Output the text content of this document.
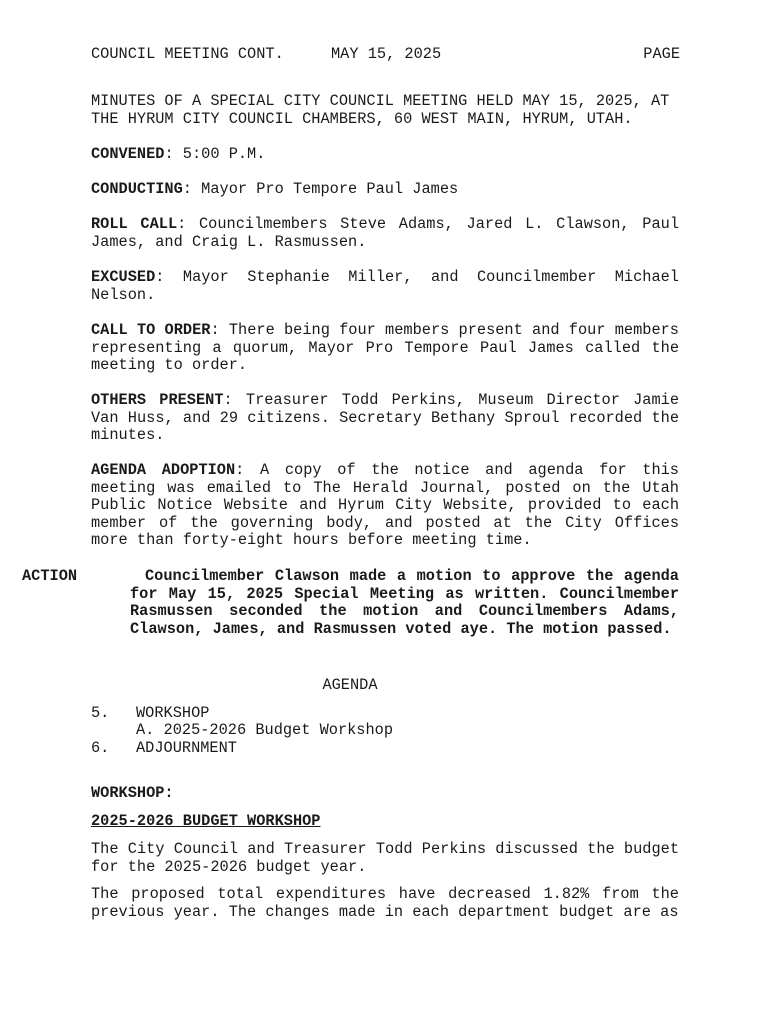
COUNCIL MEETING CONT.	MAY 15, 2025	PAGE
MINUTES OF A SPECIAL CITY COUNCIL MEETING HELD MAY 15, 2025, AT THE HYRUM CITY COUNCIL CHAMBERS, 60 WEST MAIN, HYRUM, UTAH.
CONVENED: 5:00 P.M.
CONDUCTING: Mayor Pro Tempore Paul James
ROLL CALL: Councilmembers Steve Adams, Jared L. Clawson, Paul James, and Craig L. Rasmussen.
EXCUSED: Mayor Stephanie Miller, and Councilmember Michael Nelson.
CALL TO ORDER: There being four members present and four members representing a quorum, Mayor Pro Tempore Paul James called the meeting to order.
OTHERS PRESENT: Treasurer Todd Perkins, Museum Director Jamie Van Huss, and 29 citizens. Secretary Bethany Sproul recorded the minutes.
AGENDA ADOPTION: A copy of the notice and agenda for this meeting was emailed to The Herald Journal, posted on the Utah Public Notice Website and Hyrum City Website, provided to each member of the governing body, and posted at the City Offices more than forty-eight hours before meeting time.
ACTION	Councilmember Clawson made a motion to approve the agenda for May 15, 2025 Special Meeting as written. Councilmember Rasmussen seconded the motion and Councilmembers Adams, Clawson, James, and Rasmussen voted aye. The motion passed.
AGENDA
5. WORKSHOP
A. 2025-2026 Budget Workshop
6. ADJOURNMENT
WORKSHOP:
2025-2026 BUDGET WORKSHOP
The City Council and Treasurer Todd Perkins discussed the budget for the 2025-2026 budget year.
The proposed total expenditures have decreased 1.82% from the previous year. The changes made in each department budget are as
